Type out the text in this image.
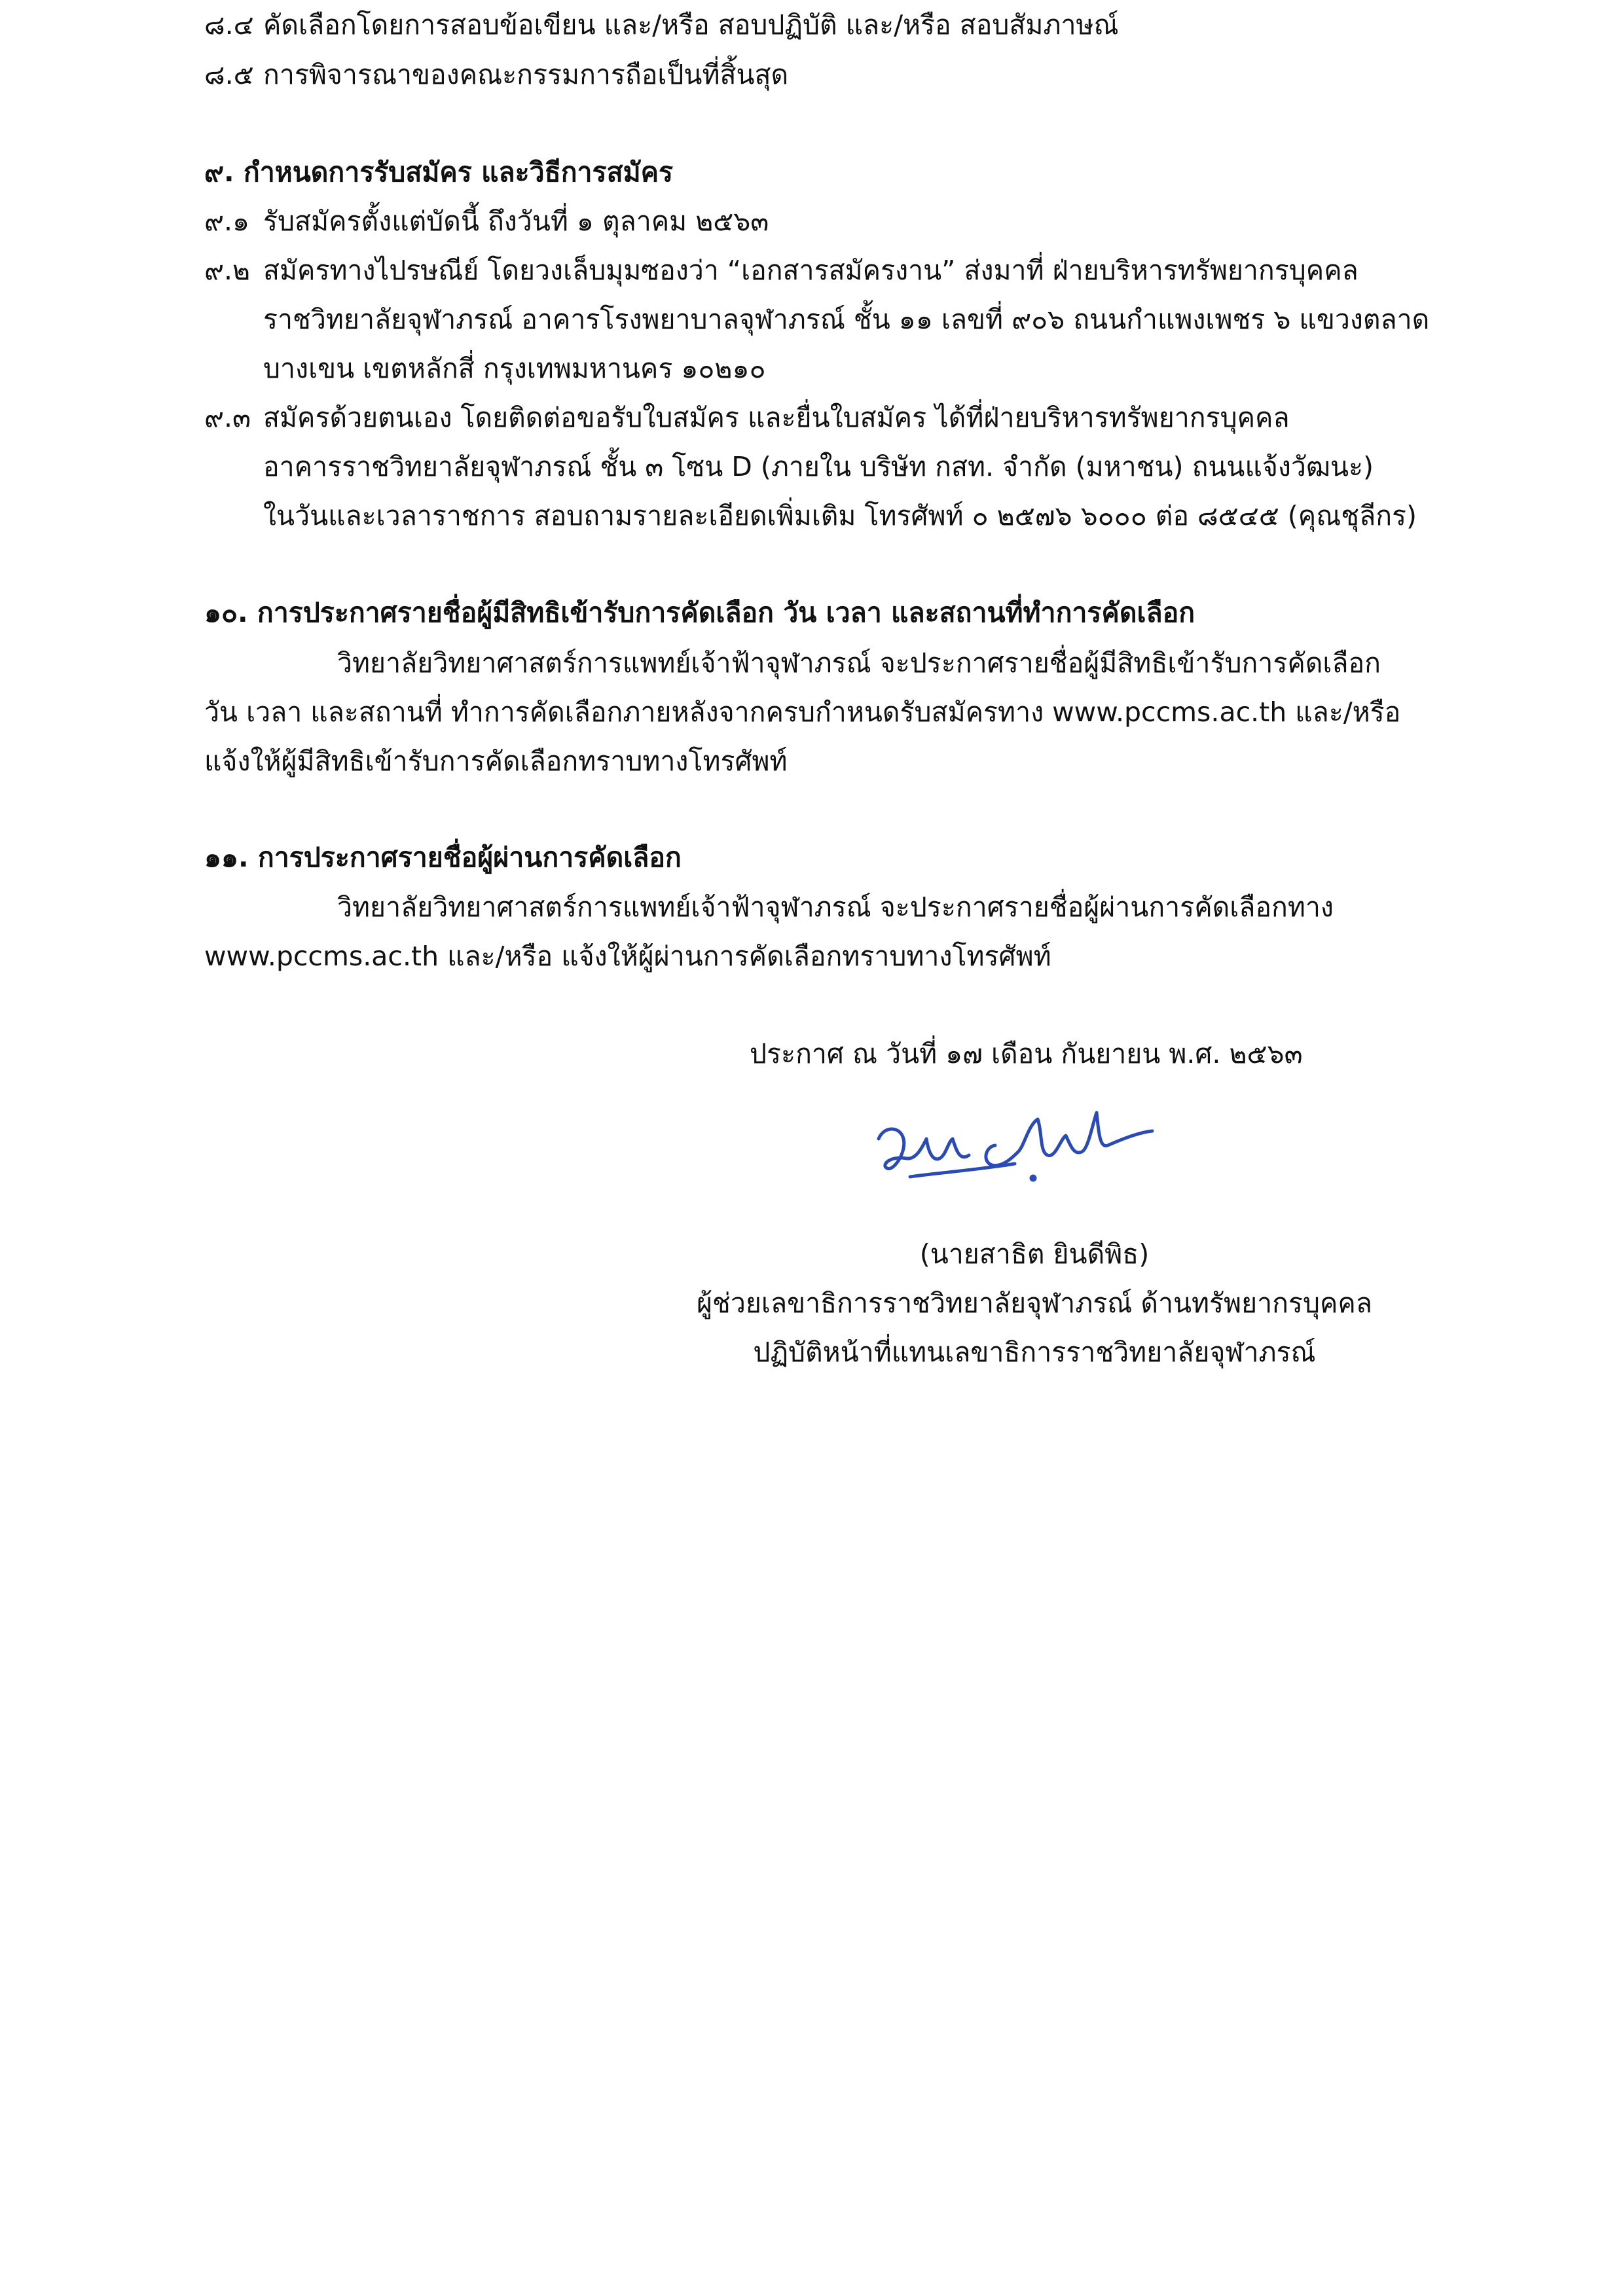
๘.๔ คัดเลือกโดยการสอบข้อเขียน และ/หรือ สอบปฏิบัติ และ/หรือ สอบสัมภาษณ์
๘.๕ การพิจารณาของคณะกรรมการถือเป็นที่สิ้นสุด
๙. กำหนดการรับสมัคร และวิธีการสมัคร
๙.๑ รับสมัครตั้งแต่บัดนี้ ถึงวันที่ ๑ ตุลาคม ๒๕๖๓
๙.๒ สมัครทางไปรษณีย์ โดยวงเล็บมุมซองว่า “เอกสารสมัครงาน” ส่งมาที่ ฝ่ายบริหารทรัพยากรบุคคล
ราชวิทยาลัยจุฬาภรณ์ อาคารโรงพยาบาลจุฬาภรณ์ ชั้น ๑๑ เลขที่ ๙๐๖ ถนนกำแพงเพชร ๖ แขวงตลาด
บางเขน เขตหลักสี่ กรุงเทพมหานคร ๑๐๒๑๐
๙.๓ สมัครด้วยตนเอง โดยติดต่อขอรับใบสมัคร และยื่นใบสมัคร ได้ที่ฝ่ายบริหารทรัพยากรบุคคล
อาคารราชวิทยาลัยจุฬาภรณ์ ชั้น ๓ โซน D (ภายใน บริษัท กสท. จำกัด (มหาชน) ถนนแจ้งวัฒนะ)
ในวันและเวลาราชการ สอบถามรายละเอียดเพิ่มเติม โทรศัพท์ ๐ ๒๕๗๖ ๖๐๐๐ ต่อ ๘๕๔๕ (คุณชุลีกร)
๑๐. การประกาศรายชื่อผู้มีสิทธิเข้ารับการคัดเลือก วัน เวลา และสถานที่ทำการคัดเลือก
วิทยาลัยวิทยาศาสตร์การแพทย์เจ้าฟ้าจุฬาภรณ์ จะประกาศรายชื่อผู้มีสิทธิเข้ารับการคัดเลือก
วัน เวลา และสถานที่ ทำการคัดเลือกภายหลังจากครบกำหนดรับสมัครทาง www.pccms.ac.th และ/หรือ
แจ้งให้ผู้มีสิทธิเข้ารับการคัดเลือกทราบทางโทรศัพท์
๑๑. การประกาศรายชื่อผู้ผ่านการคัดเลือก
วิทยาลัยวิทยาศาสตร์การแพทย์เจ้าฟ้าจุฬาภรณ์ จะประกาศรายชื่อผู้ผ่านการคัดเลือกทาง
www.pccms.ac.th และ/หรือ แจ้งให้ผู้ผ่านการคัดเลือกทราบทางโทรศัพท์
ประกาศ ณ วันที่ ๑๗ เดือน กันยายน พ.ศ. ๒๕๖๓
(นายสาธิต ยินดีพิธ)
ผู้ช่วยเลขาธิการราชวิทยาลัยจุฬาภรณ์ ด้านทรัพยากรบุคคล
ปฏิบัติหน้าที่แทนเลขาธิการราชวิทยาลัยจุฬาภรณ์
